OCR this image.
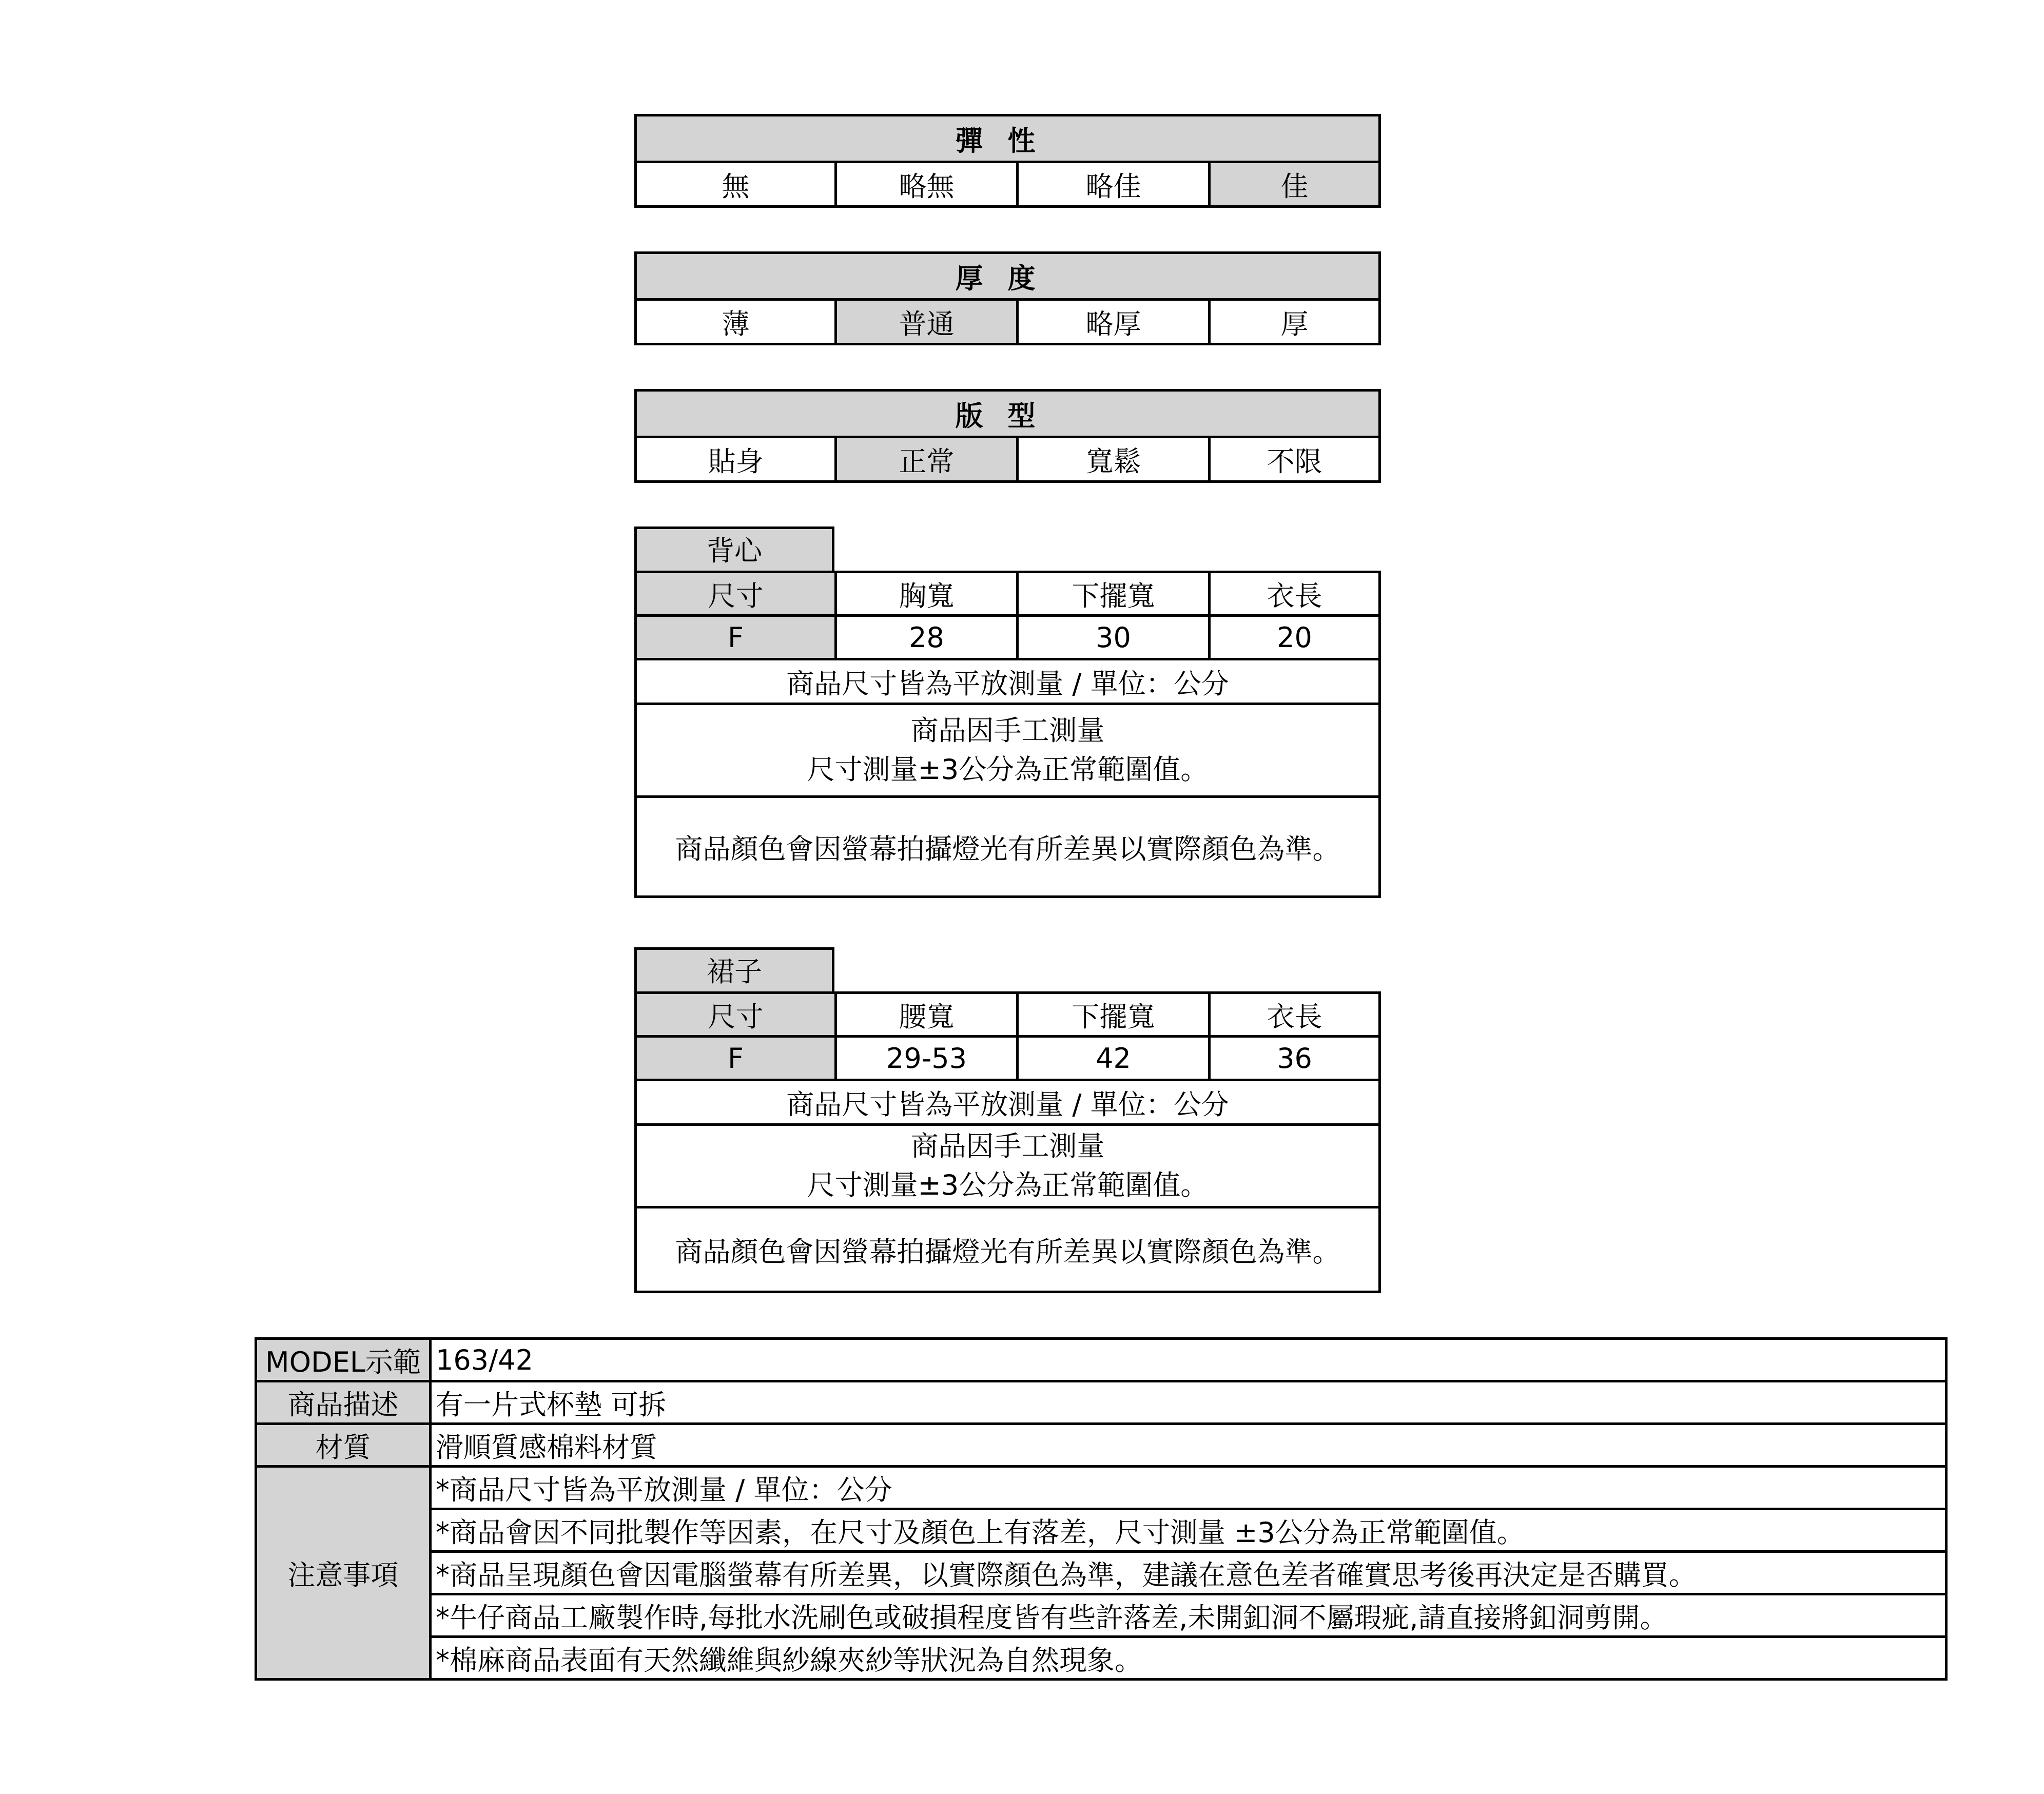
彈性
無	略無	略佳	佳
厚度
薄	普通	略厚	厚
版型
貼身	正常	寬鬆	不限
背心
尺寸	胸寬	下擺寬	衣長
F	28	30	20
商品尺寸皆為平放測量 / 單位：公分			

商品因手工測量
尺寸測量±3公分為正常範圍值。			

商品顏色會因螢幕拍攝燈光有所差異以實際顏色為準。			
裙子
尺寸	腰寬	下擺寬	衣長
F	29-53	42	36
商品尺寸皆為平放測量 / 單位：公分			

商品因手工測量
尺寸測量±3公分為正常範圍值。			

商品顏色會因螢幕拍攝燈光有所差異以實際顏色為準。			
MODEL示範	163/42
商品描述	有一片式杯墊 可拆
材質	滑順質感棉料材質
注意事項	*商品尺寸皆為平放測量 / 單位：公分
	*商品會因不同批製作等因素，在尺寸及顏色上有落差，尺寸測量 ±3公分為正常範圍值。
	*商品呈現顏色會因電腦螢幕有所差異，以實際顏色為準，建議在意色差者確實思考後再決定是否購買。
	*牛仔商品工廠製作時,每批水洗刷色或破損程度皆有些許落差,未開釦洞不屬瑕疵,請直接將釦洞剪開。
	*棉麻商品表面有天然纖維與紗線夾紗等狀況為自然現象。
